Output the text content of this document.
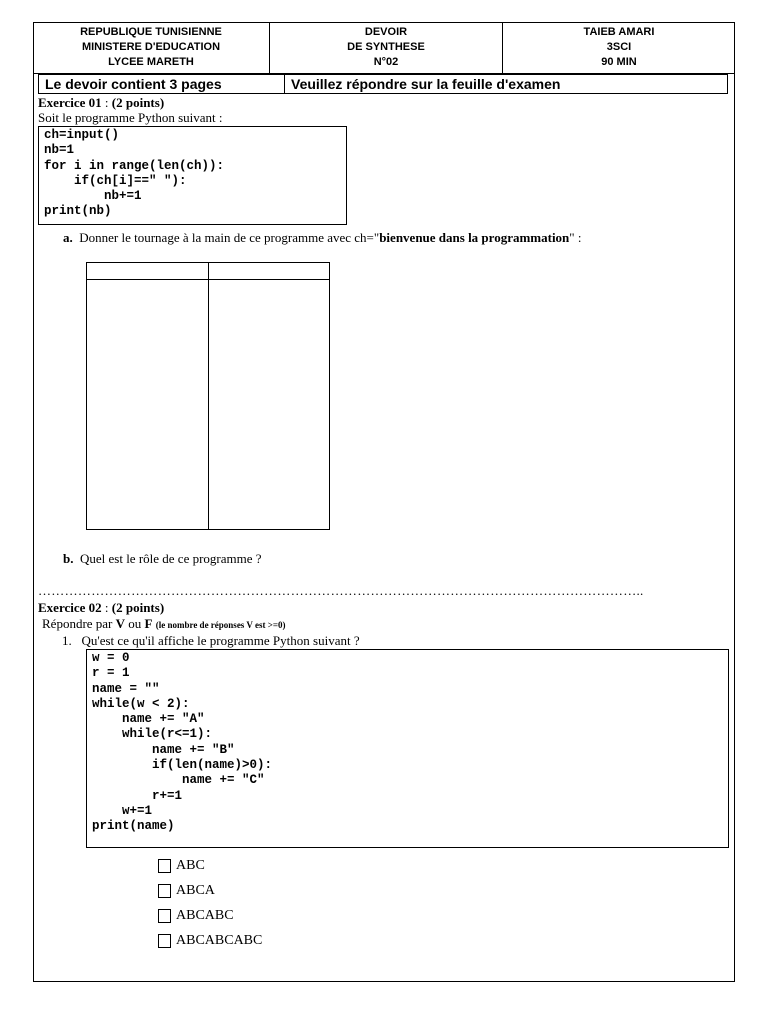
REPUBLIQUE TUNISIENNE
MINISTERE D'EDUCATION
LYCEE MARETH
DEVOIR
DE SYNTHESE
N°02
TAIEB AMARI
3SCI
90 MIN
Le devoir contient 3 pages	Veuillez répondre sur la feuille d'examen
Exercice 01 : (2 points)
Soit le programme Python suivant :
ch=input()
nb=1
for i in range(len(ch)):
if(ch[i]==" "):
nb+=1
print(nb)
a. Donner le tournage à la main de ce programme avec ch="bienvenue dans la programmation" :
b. Quel est le rôle de ce programme ?
………………………………………………………………………………………………………………………..
Exercice 02 : (2 points)
Répondre par V ou F (le nombre de réponses V est >=0)
1. Qu'est ce qu'il affiche le programme Python suivant ?
w = 0
r = 1
name = ""
while(w < 2):
name += "A"
while(r<=1):
name += "B"
if(len(name)>0):
name += "C"
r+=1
w+=1
print(name)
ABC
ABCA
ABCABC
ABCABCABC
